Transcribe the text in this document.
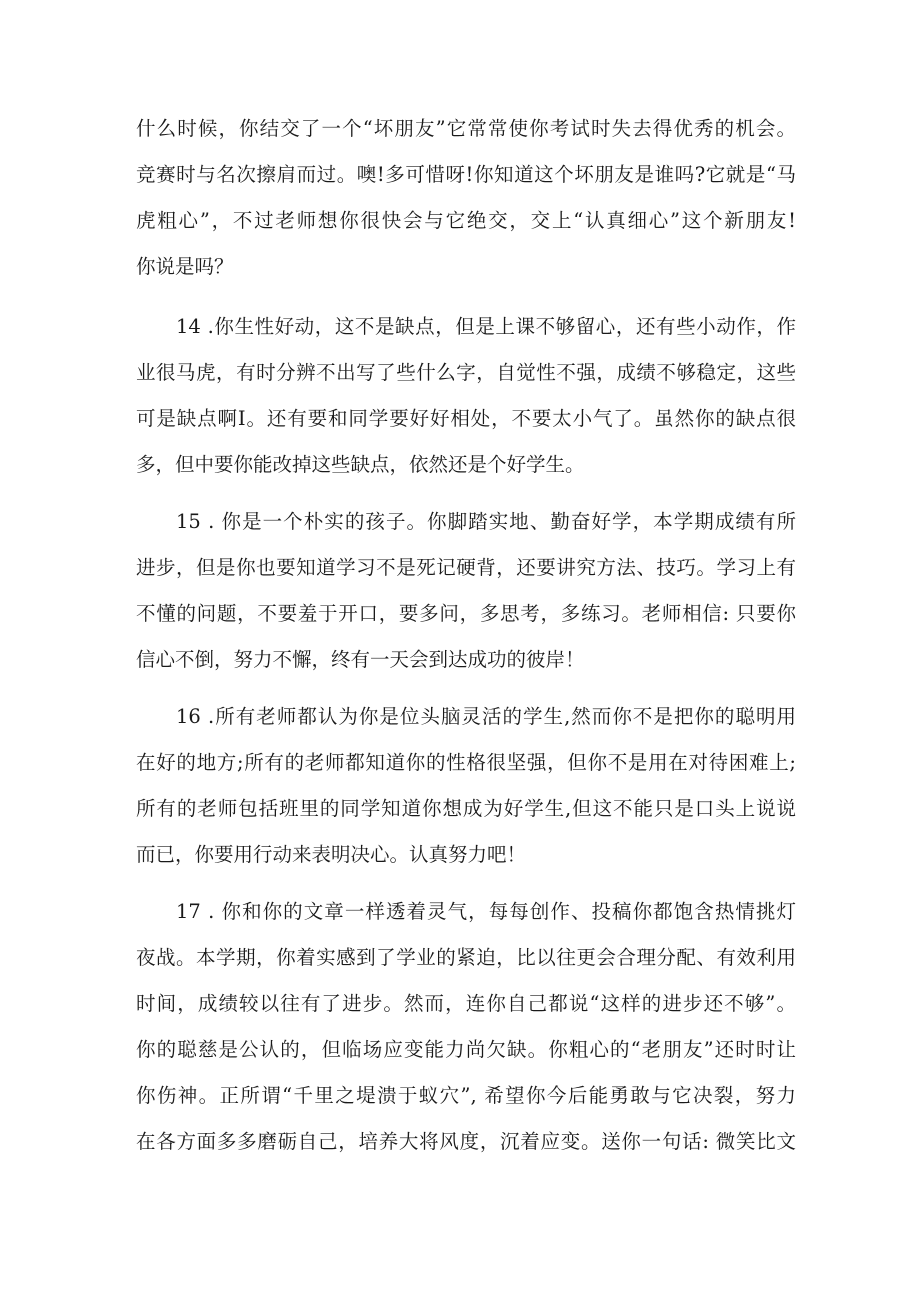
什么时候，你结交了一个“坏朋友”它常常使你考试时失去得优秀的机会。
竞赛时与名次擦肩而过。噢!多可惜呀!你知道这个坏朋友是谁吗?它就是“马
虎粗心”，不过老师想你很快会与它绝交，交上“认真细心”这个新朋友!
你说是吗？
14 .你生性好动，这不是缺点，但是上课不够留心，还有些小动作，作
业很马虎，有时分辨不出写了些什么字，自觉性不强，成绩不够稳定，这些
可是缺点啊I。还有要和同学要好好相处，不要太小气了。虽然你的缺点很
多，但中要你能改掉这些缺点，依然还是个好学生。
15 . 你是一个朴实的孩子。你脚踏实地、勤奋好学，本学期成绩有所
进步，但是你也要知道学习不是死记硬背，还要讲究方法、技巧。学习上有
不懂的问题，不要羞于开口，要多问，多思考，多练习。老师相信: 只要你
信心不倒，努力不懈，终有一天会到达成功的彼岸！
16 .所有老师都认为你是位头脑灵活的学生,然而你不是把你的聪明用
在好的地方;所有的老师都知道你的性格很坚强，但你不是用在对待困难上;
所有的老师包括班里的同学知道你想成为好学生,但这不能只是口头上说说
而已，你要用行动来表明决心。认真努力吧！
17 . 你和你的文章一样透着灵气，每每创作、投稿你都饱含热情挑灯
夜战。本学期，你着实感到了学业的紧迫，比以往更会合理分配、有效利用
时间，成绩较以往有了进步。然而，连你自己都说“这样的进步还不够”。
你的聪慈是公认的，但临场应变能力尚欠缺。你粗心的“老朋友”还时时让
你伤神。正所谓“千里之堤溃于蚁穴”, 希望你今后能勇敢与它决裂，努力
在各方面多多磨砺自己，培养大将风度，沉着应变。送你一句话: 微笑比文
